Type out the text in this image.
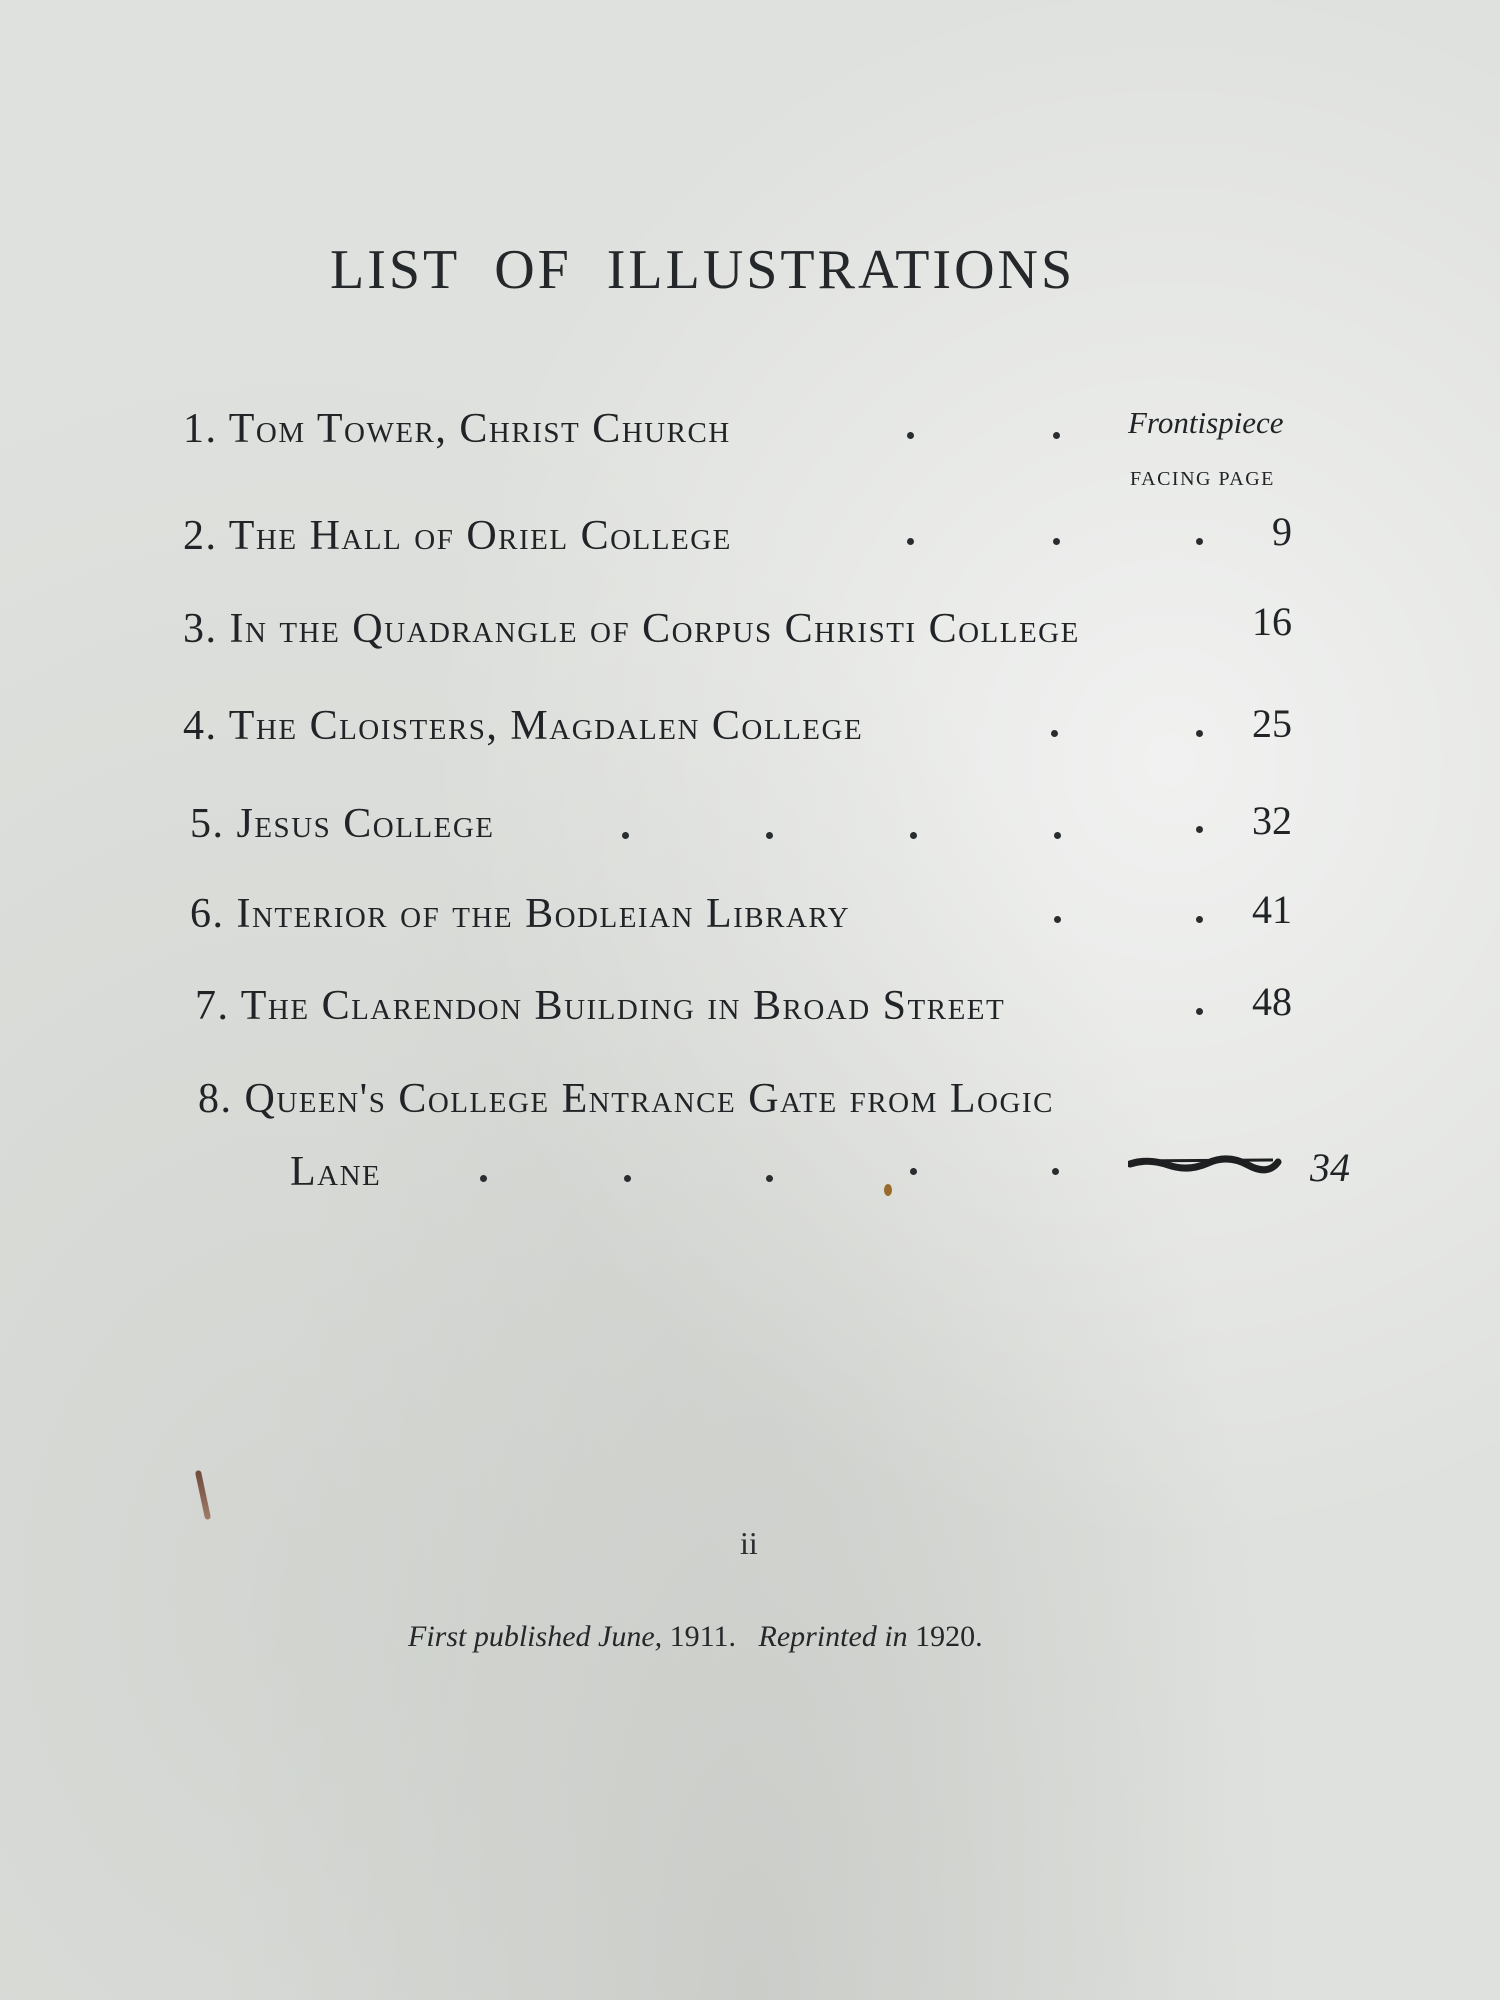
LIST OF ILLUSTRATIONS
1. Tom Tower, Christ Church	Frontispiece
FACING PAGE
2. The Hall of Oriel College	9
3. In the Quadrangle of Corpus Christi College	16
4. The Cloisters, Magdalen College	25
5. Jesus College	32
6. Interior of the Bodleian Library	41
7. The Clarendon Building in Broad Street	48
8. Queen's College Entrance Gate from Logic
Lane	34
ii
First published June, 1911. Reprinted in 1920.
